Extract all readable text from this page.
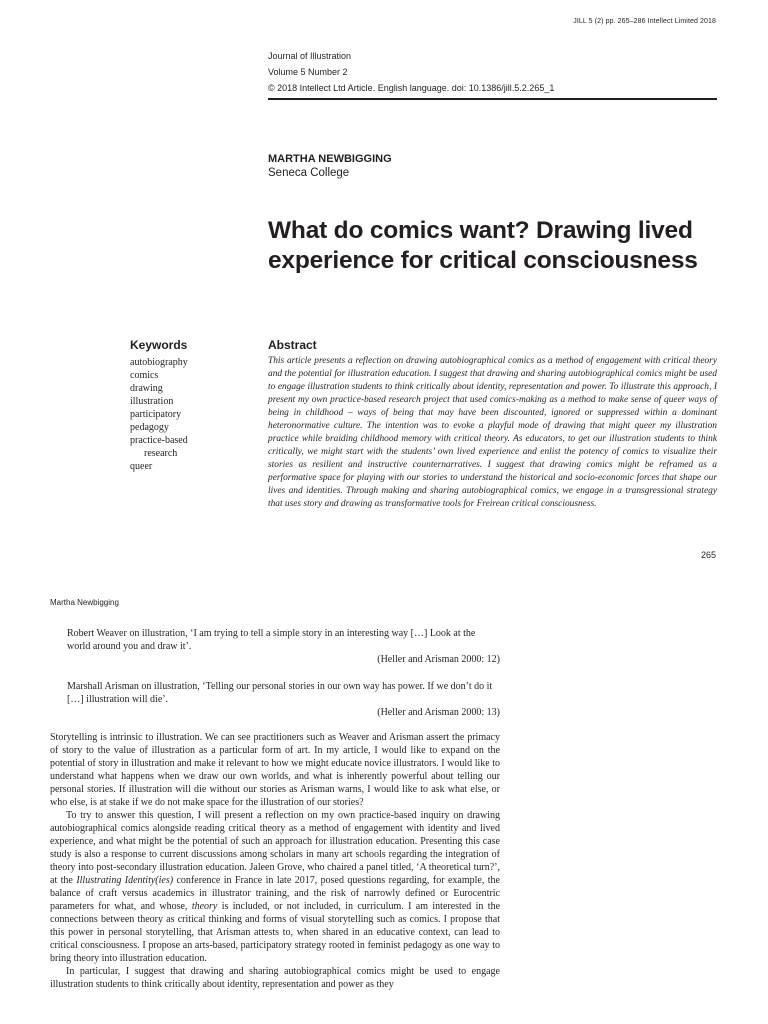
JILL 5 (2) pp. 265–286 Intellect Limited 2018
Journal of Illustration
Volume 5 Number 2
© 2018 Intellect Ltd Article. English language. doi: 10.1386/jill.5.2.265_1
MARTHA NEWBIGGING
Seneca College
What do comics want? Drawing lived
experience for critical consciousness
Keywords
autobiography
comics
drawing
illustration
participatory
pedagogy
practice-based
research
queer
Abstract

This article presents a reflection on drawing autobiographical comics as a method of engagement with critical theory and the potential for illustration education. I suggest that drawing and sharing autobiographical comics might be used to engage illustration students to think critically about identity, representation and power. To illustrate this approach, I present my own practice-based research project that used comics-making as a method to make sense of queer ways of being in childhood – ways of being that may have been discounted, ignored or suppressed within a dominant heteronormative culture. The intention was to evoke a playful mode of drawing that might queer my illustration practice while braiding childhood memory with critical theory. As educators, to get our illustration students to think critically, we might start with the students’ own lived experience and enlist the potency of comics to visualize their stories as resilient and instructive counternarratives. I suggest that drawing comics might be reframed as a performative space for playing with our stories to understand the historical and socio-economic forces that shape our lives and identities. Through making and sharing autobiographical comics, we engage in a transgressional strategy that uses story and drawing as transformative tools for Freirean critical consciousness.

265
Martha Newbigging
Robert Weaver on illustration, ‘I am trying to tell a simple story in an interesting way […] Look at the world around you and draw it’.
(Heller and Arisman 2000: 12)
Marshall Arisman on illustration, ‘Telling our personal stories in our own way has power. If we don’t do it […] illustration will die’.
(Heller and Arisman 2000: 13)

Storytelling is intrinsic to illustration. We can see practitioners such as Weaver and Arisman assert the primacy of story to the value of illustration as a particular form of art. In my article, I would like to expand on the potential of story in illustration and make it relevant to how we might educate novice illustrators. I would like to understand what happens when we draw our own worlds, and what is inherently powerful about telling our personal stories. If illustration will die without our stories as Arisman warns, I would like to ask what else, or who else, is at stake if we do not make space for the illustration of our stories?

To try to answer this question, I will present a reflection on my own practice-based inquiry on drawing autobiographical comics alongside reading critical theory as a method of engagement with identity and lived experience, and what might be the potential of such an approach for illustration education. Presenting this case study is also a response to current discussions among scholars in many art schools regarding the integration of theory into post-secondary illustration education. Jaleen Grove, who chaired a panel titled, ‘A theoretical turn?’, at the Illustrating Identity(ies) conference in France in late 2017, posed questions regarding, for example, the balance of craft versus academics in illustrator training, and the risk of narrowly defined or Eurocentric parameters for what, and whose, theory is included, or not included, in curriculum. I am interested in the connections between theory as critical thinking and forms of visual storytelling such as comics. I propose that this power in personal storytelling, that Arisman attests to, when shared in an educative context, can lead to critical consciousness. I propose an arts-based, participatory strategy rooted in feminist pedagogy as one way to bring theory into illustration education.

In particular, I suggest that drawing and sharing autobiographical comics might be used to engage illustration students to think critically about identity, representation and power as they
